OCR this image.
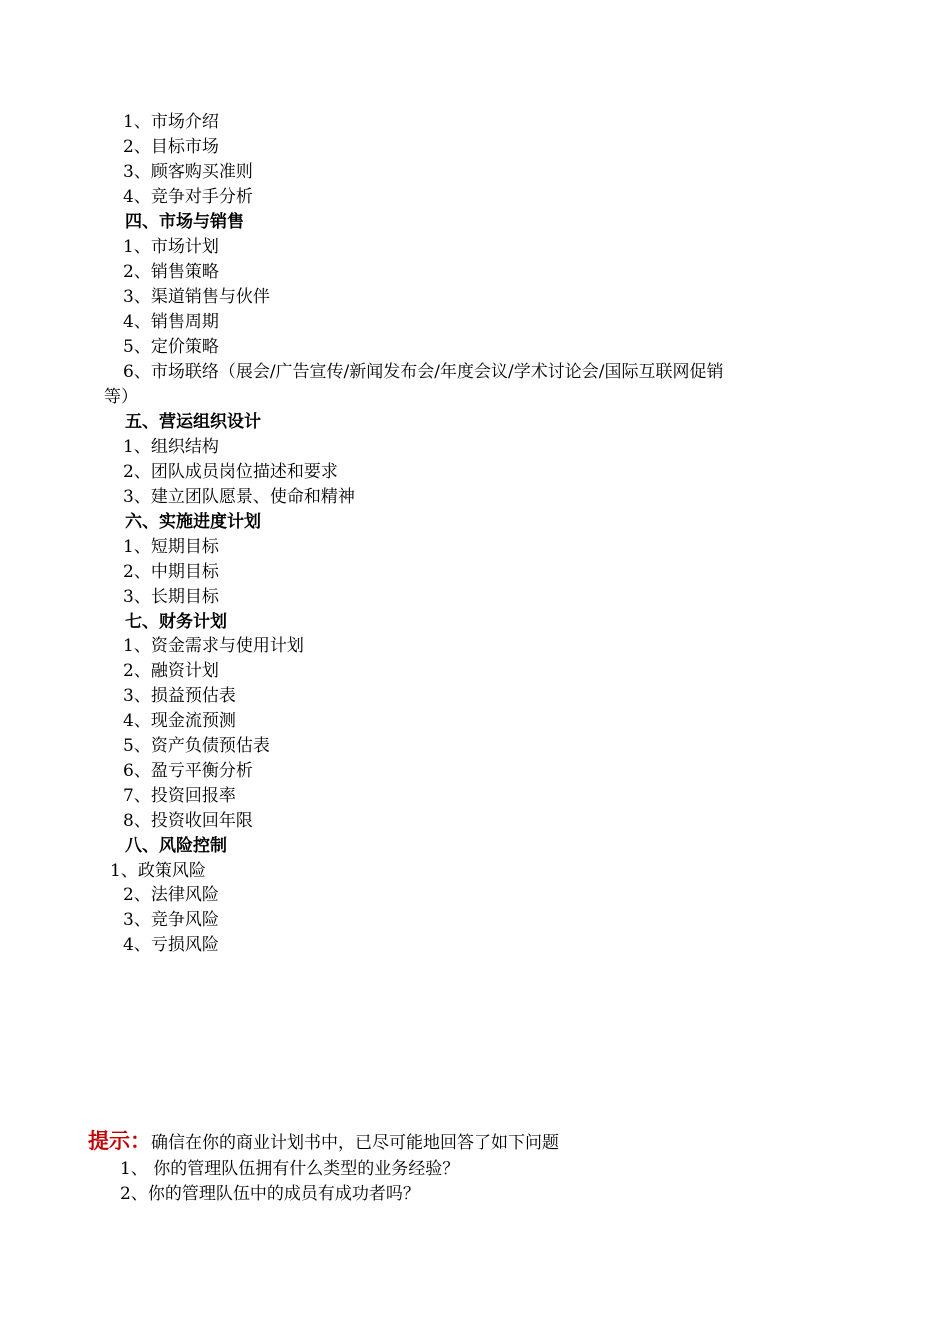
1、市场介绍
2、目标市场
3、顾客购买准则
4、竞争对手分析
四、市场与销售
1、市场计划
2、销售策略
3、渠道销售与伙伴
4、销售周期
5、定价策略
6、市场联络（展会/广告宣传/新闻发布会/年度会议/学术讨论会/国际互联网促销
等）
五、营运组织设计
1、组织结构
2、团队成员岗位描述和要求
3、建立团队愿景、使命和精神
六、实施进度计划
1、短期目标
2、中期目标
3、长期目标
七、财务计划
1、资金需求与使用计划
2、融资计划
3、损益预估表
4、现金流预测
5、资产负债预估表
6、盈亏平衡分析
7、投资回报率
8、投资收回年限
八、风险控制
1、政策风险
2、法律风险
3、竞争风险
4、亏损风险
提示：确信在你的商业计划书中，已尽可能地回答了如下问题
1、 你的管理队伍拥有什么类型的业务经验？
2、你的管理队伍中的成员有成功者吗？
